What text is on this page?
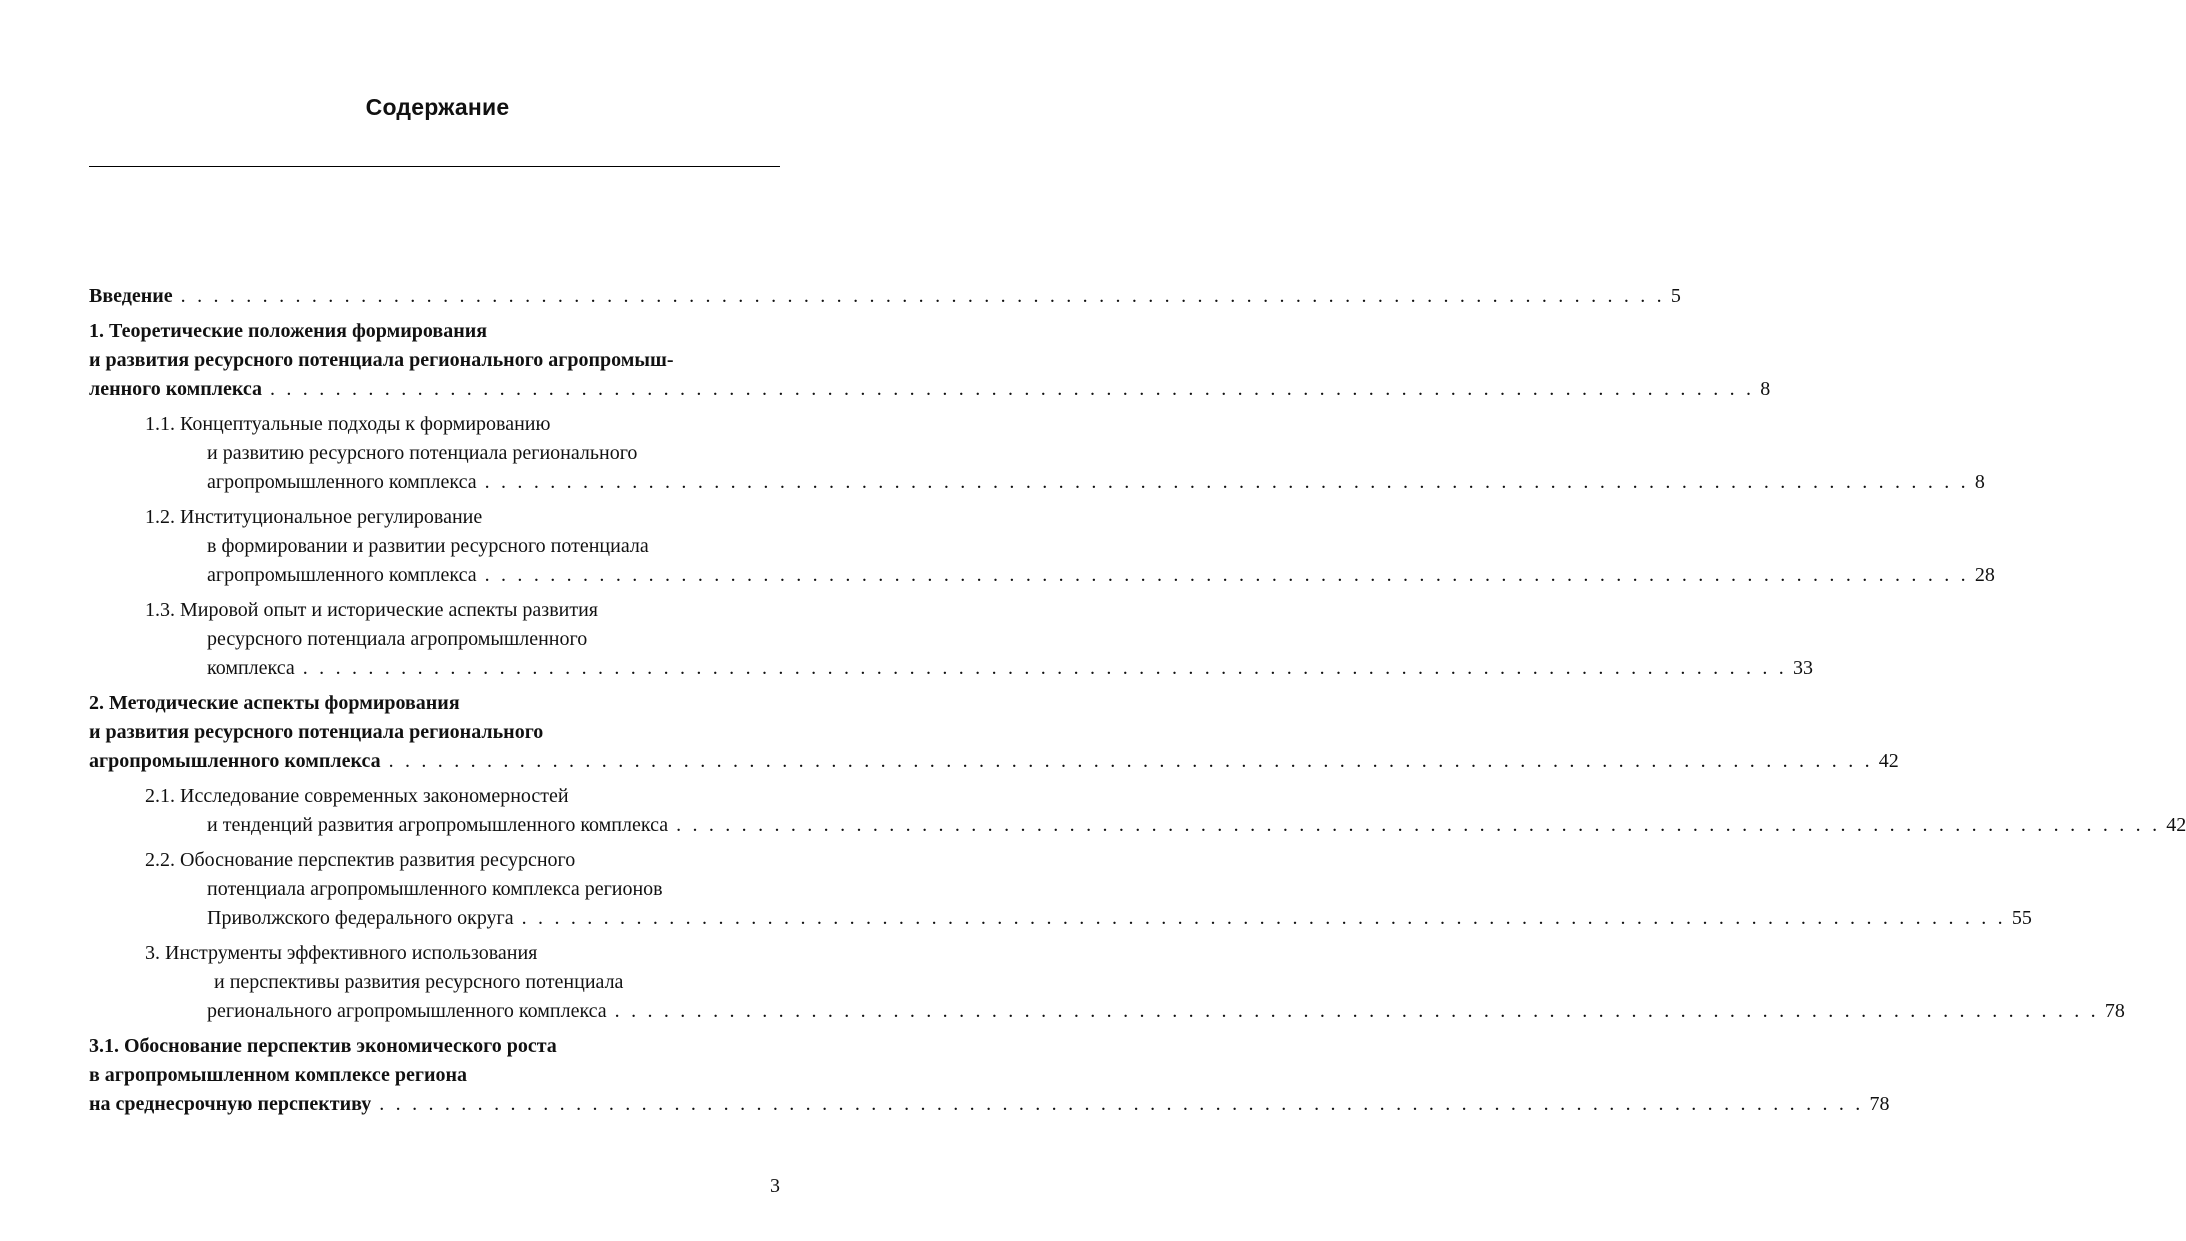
Содержание
Введение . . . . . . . . . . . . . . . . . . . . . . . . . . . . . . . . . . . . . . . . . . . . . . . . . . . . . . . . . . . . . . . . . . . . . . . . . . . . . . . . . . . . . . . . . . . 5
1. Теоретические положения формирования
и развития ресурсного потенциала регионального агропромыш-
ленного комплекса . . . . . . . . . . . . . . . . . . . . . . . . . . . . . . . . . . . . . . . . . . . . . . . . . . . . . . . . . . . . . . . . . . . . . . . . . . . . . . . . . . . . . . . . . . . 8
1.1. Концептуальные подходы к формированию
и развитию ресурсного потенциала регионального
агропромышленного комплекса . . . . . . . . . . . . . . . . . . . . . . . . . . . . . . . . . . . . . . . . . . . . . . . . . . . . . . . . . . . . . . . . . . . . . . . . . . . . . . . . . . . . . . . . . . . 8
1.2. Институциональное регулирование
в формировании и развитии ресурсного потенциала
агропромышленного комплекса . . . . . . . . . . . . . . . . . . . . . . . . . . . . . . . . . . . . . . . . . . . . . . . . . . . . . . . . . . . . . . . . . . . . . . . . . . . . . . . . . . . . . . . . . . . 28
1.3. Мировой опыт и исторические аспекты развития
ресурсного потенциала агропромышленного
комплекса . . . . . . . . . . . . . . . . . . . . . . . . . . . . . . . . . . . . . . . . . . . . . . . . . . . . . . . . . . . . . . . . . . . . . . . . . . . . . . . . . . . . . . . . . . . 33
2. Методические аспекты формирования
и развития ресурсного потенциала регионального
агропромышленного комплекса . . . . . . . . . . . . . . . . . . . . . . . . . . . . . . . . . . . . . . . . . . . . . . . . . . . . . . . . . . . . . . . . . . . . . . . . . . . . . . . . . . . . . . . . . . . 42
2.1. Исследование современных закономерностей
и тенденций развития агропромышленного комплекса . . . . . . . . . . . . . . . . . . . . . . . . . . . . . . . . . . . . . . . . . . . . . . . . . . . . . . . . . . . . . . . . . . . . . . . . . . . . . . . . . . . . . . . . . . . 42
2.2. Обоснование перспектив развития ресурсного
потенциала агропромышленного комплекса регионов
Приволжского федерального округа . . . . . . . . . . . . . . . . . . . . . . . . . . . . . . . . . . . . . . . . . . . . . . . . . . . . . . . . . . . . . . . . . . . . . . . . . . . . . . . . . . . . . . . . . . . 55
3. Инструменты эффективного использования
и перспективы развития ресурсного потенциала
регионального агропромышленного комплекса . . . . . . . . . . . . . . . . . . . . . . . . . . . . . . . . . . . . . . . . . . . . . . . . . . . . . . . . . . . . . . . . . . . . . . . . . . . . . . . . . . . . . . . . . . . 78
3.1. Обоснование перспектив экономического роста
в агропромышленном комплексе региона
на среднесрочную перспективу . . . . . . . . . . . . . . . . . . . . . . . . . . . . . . . . . . . . . . . . . . . . . . . . . . . . . . . . . . . . . . . . . . . . . . . . . . . . . . . . . . . . . . . . . . . 78
3
